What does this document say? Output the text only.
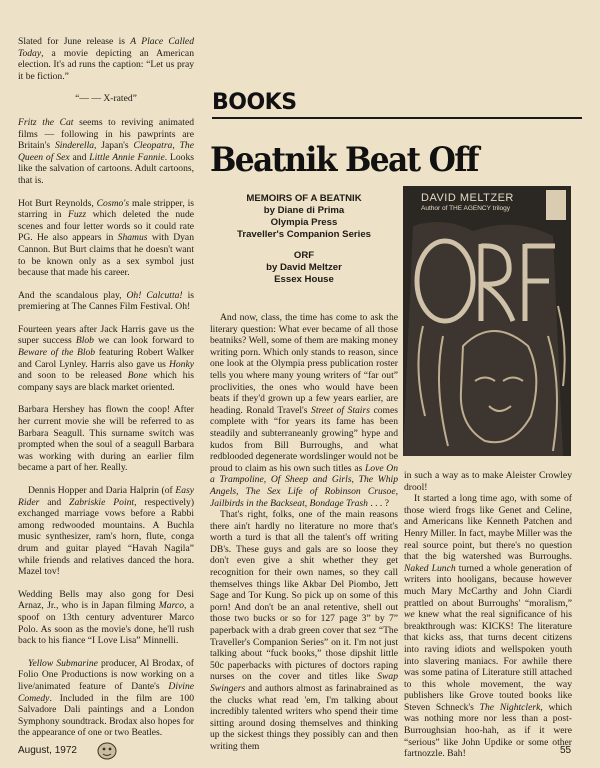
Slated for June release is A Place Called Today, a movie depicting an American election. It's ad runs the caption: “Let us pray it be fiction.”

“— — X-rated”

Fritz the Cat seems to reviving animated films — following in his pawprints are Britain's Sinderella, Japan's Cleopatra, The Queen of Sex and Little Annie Fannie. Looks like the salvation of cartoons. Adult cartoons, that is.

Hot Burt Reynolds, Cosmo's male stripper, is starring in Fuzz which deleted the nude scenes and four letter words so it could rate PG. He also appears in Shamus with Dyan Cannon. But Burt claims that he doesn't want to be known only as a sex symbol just because that made his career.

And the scandalous play, Oh! Calcutta! is premiering at The Cannes Film Festival. Oh!

Fourteen years after Jack Harris gave us the super success Blob we can look forward to Beware of the Blob featuring Robert Walker and Carol Lynley. Harris also gave us Honky and soon to be released Bone which his company says are black market oriented.

Barbara Hershey has flown the coop! After her current movie she will be referred to as Barbara Seagull. This surname switch was prompted when the soul of a seagull Barbara was working with during an earlier film became a part of her. Really.

Dennis Hopper and Daria Halprin (of Easy Rider and Zabriskie Point, respectively) exchanged marriage vows before a Rabbi among redwooded mountains. A Buchla music synthesizer, ram's horn, flute, conga drum and guitar played “Havah Nagila” while friends and relatives danced the hora. Mazel tov!

Wedding Bells may also gong for Desi Arnaz, Jr., who is in Japan filming Marco, a spoof on 13th century adventurer Marco Polo. As soon as the movie's done, he'll rush back to his fiance “I Love Lisa” Minnelli.

Yellow Submarine producer, Al Brodax, of Folio One Productions is now working on a live/animated feature of Dante's Divine Comedy. Included in the film are 100 Salvadore Dali paintings and a London Symphony soundtrack. Brodax also hopes for the appearance of one or two Beatles.

BOOKS
Beatnik Beat Off
MEMOIRS OF A BEATNIK
by Diane di Prima
Olympia Press
Traveller's Companion Series
ORF
by David Meltzer
Essex House
DAVID MELTZER
Author of THE AGENCY trilogy

And now, class, the time has come to ask the literary question: What ever became of all those beatniks? Well, some of them are making money writing porn. Which only stands to reason, since one look at the Olympia press publication roster tells you where many young writers of “far out” proclivities, the ones who would have been beats if they'd grown up a few years earlier, are heading. Ronald Travel's Street of Stairs comes complete with “for years its fame has been steadily and subterraneanly growing” hype and kudos from Bill Burroughs, and what redblooded degenerate wordslinger would not be proud to claim as his own such titles as Love On a Trampoline, Of Sheep and Girls, The Whip Angels, The Sex Life of Robinson Crusoe, Jailbirds in the Backseat, Bondage Trash . . . ?

That's right, folks, one of the main reasons there ain't hardly no literature no more that's worth a turd is that all the talent's off writing DB's. These guys and gals are so loose they don't even give a shit whether they get recognition for their own names, so they call themselves things like Akbar Del Piombo, Jett Sage and Tor Kung. So pick up on some of this porn! And don't be an anal retentive, shell out those two bucks or so for 127 page 3” by 7” paperback with a drab green cover that sez “The Traveller's Companion Series” on it. I'm not just talking about “fuck books,” those dipshit little 50c paperbacks with pictures of doctors raping nurses on the cover and titles like Swap Swingers and authors almost as farinabrained as the clucks what read 'em, I'm talking about incredibly talented writers who spend their time sitting around dosing themselves and thinking up the sickest things they possibly can and then writing them

in such a way as to make Aleister Crowley drool!

It started a long time ago, with some of those wierd frogs like Genet and Celine, and Americans like Kenneth Patchen and Henry Miller. In fact, maybe Miller was the real source point, but there's no question that the big watershed was Burroughs. Naked Lunch turned a whole generation of writers into hooligans, because however much Mary McCarthy and John Ciardi prattled on about Burroughs' “moralism,” we knew what the real significance of his breakthrough was: KICKS! The literature that kicks ass, that turns decent citizens into raving idiots and wellspoken youth into slavering maniacs. For awhile there was some patina of Literature still attached to this whole movement, the way publishers like Grove touted books like Steven Schneck's The Nightclerk, which was nothing more nor less than a post-Burroughsian hoo-hah, as if it were “serious” like John Updike or some other fartnozzle. Bah!

August, 1972	55
